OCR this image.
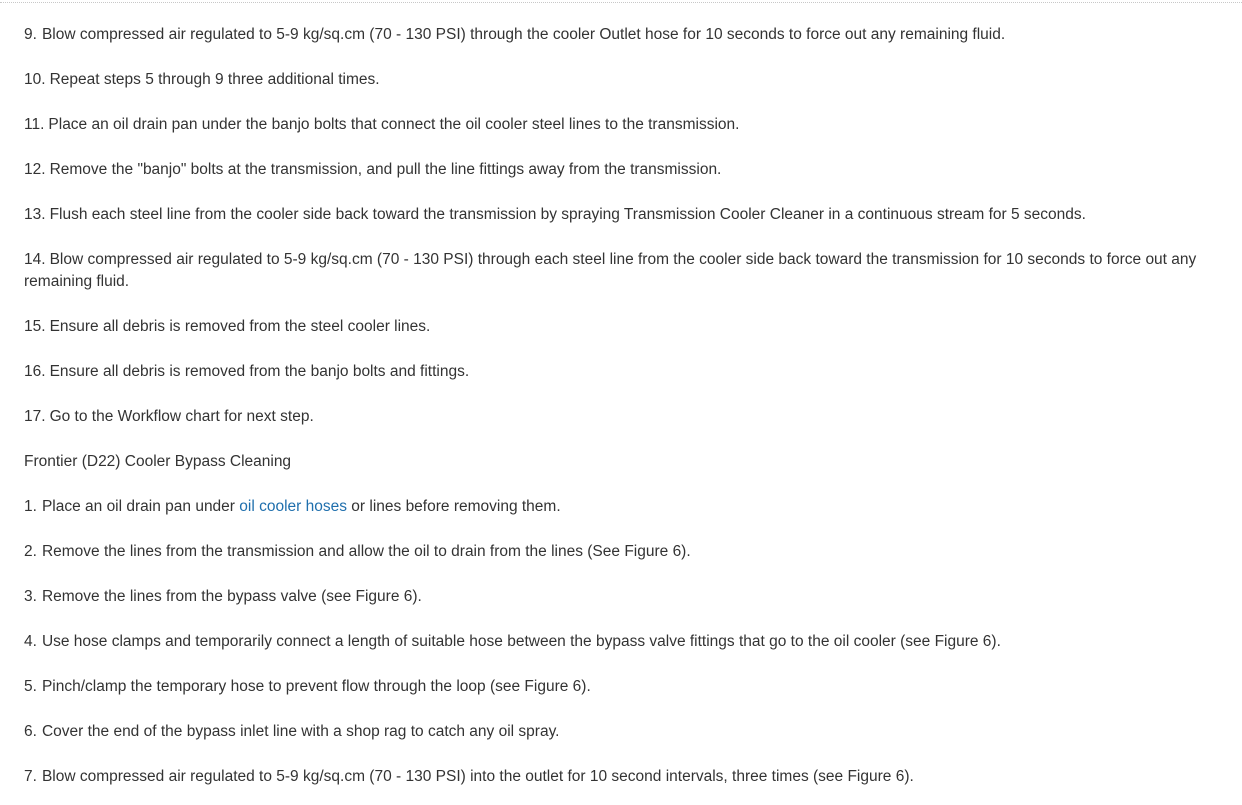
9. Blow compressed air regulated to 5-9 kg/sq.cm (70 - 130 PSI) through the cooler Outlet hose for 10 seconds to force out any remaining fluid.

10. Repeat steps 5 through 9 three additional times.

11. Place an oil drain pan under the banjo bolts that connect the oil cooler steel lines to the transmission.

12. Remove the "banjo" bolts at the transmission, and pull the line fittings away from the transmission.

13. Flush each steel line from the cooler side back toward the transmission by spraying Transmission Cooler Cleaner in a continuous stream for 5 seconds.

14. Blow compressed air regulated to 5-9 kg/sq.cm (70 - 130 PSI) through each steel line from the cooler side back toward the transmission for 10 seconds to force out any remaining fluid.

15. Ensure all debris is removed from the steel cooler lines.

16. Ensure all debris is removed from the banjo bolts and fittings.

17. Go to the Workflow chart for next step.

Frontier (D22) Cooler Bypass Cleaning

1. Place an oil drain pan under oil cooler hoses or lines before removing them.

2. Remove the lines from the transmission and allow the oil to drain from the lines (See Figure 6).

3. Remove the lines from the bypass valve (see Figure 6).

4. Use hose clamps and temporarily connect a length of suitable hose between the bypass valve fittings that go to the oil cooler (see Figure 6).

5. Pinch/clamp the temporary hose to prevent flow through the loop (see Figure 6).

6. Cover the end of the bypass inlet line with a shop rag to catch any oil spray.

7. Blow compressed air regulated to 5-9 kg/sq.cm (70 - 130 PSI) into the outlet for 10 second intervals, three times (see Figure 6).
